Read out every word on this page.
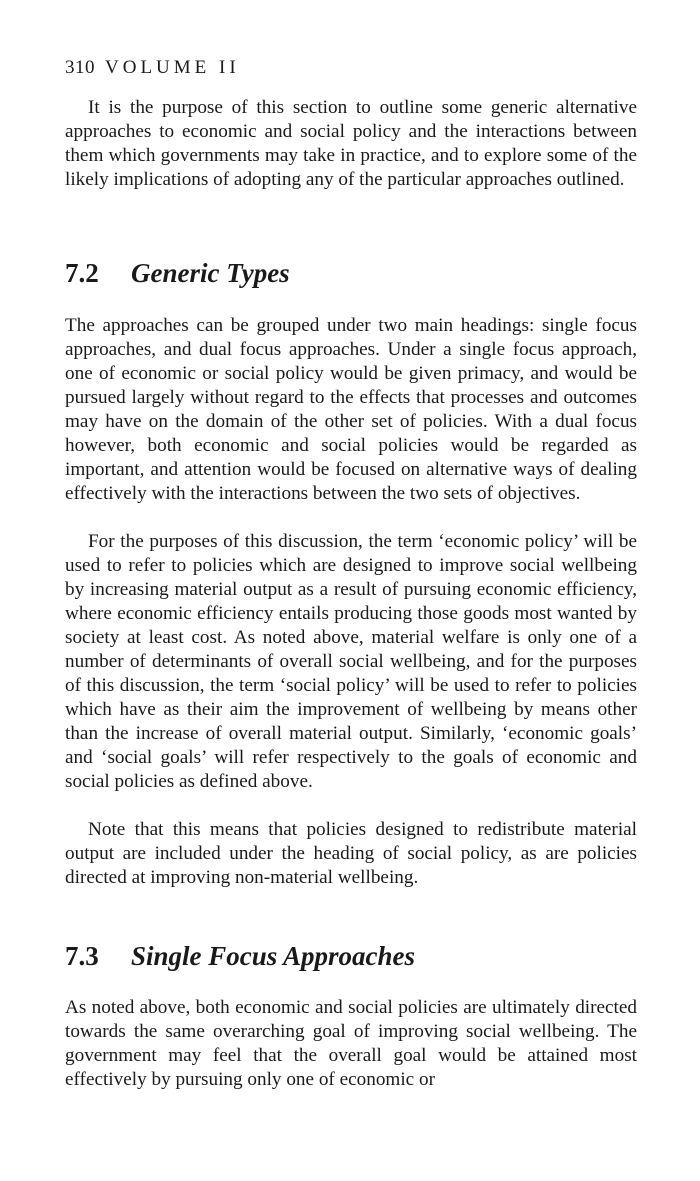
310 VOLUME II

It is the purpose of this section to outline some generic alternative approaches to economic and social policy and the interactions between them which governments may take in practice, and to explore some of the likely implications of adopting any of the particular approaches outlined.

7.2 Generic Types

The approaches can be grouped under two main headings: single focus approaches, and dual focus approaches. Under a single focus approach, one of economic or social policy would be given primacy, and would be pursued largely without regard to the effects that processes and outcomes may have on the domain of the other set of policies. With a dual focus however, both economic and social policies would be regarded as important, and attention would be focused on alternative ways of dealing effectively with the interactions between the two sets of objectives.

For the purposes of this discussion, the term ‘economic policy’ will be used to refer to policies which are designed to improve social wellbeing by increasing material output as a result of pursuing economic efficiency, where economic efficiency entails producing those goods most wanted by society at least cost. As noted above, material welfare is only one of a number of determinants of overall social wellbeing, and for the purposes of this discussion, the term ‘social policy’ will be used to refer to policies which have as their aim the improvement of wellbeing by means other than the increase of overall material output. Similarly, ‘economic goals’ and ‘social goals’ will refer respectively to the goals of economic and social policies as defined above.

Note that this means that policies designed to redistribute material output are included under the heading of social policy, as are policies directed at improving non-material wellbeing.

7.3 Single Focus Approaches

As noted above, both economic and social policies are ultimately directed towards the same overarching goal of improving social wellbeing. The government may feel that the overall goal would be attained most effectively by pursuing only one of economic or
